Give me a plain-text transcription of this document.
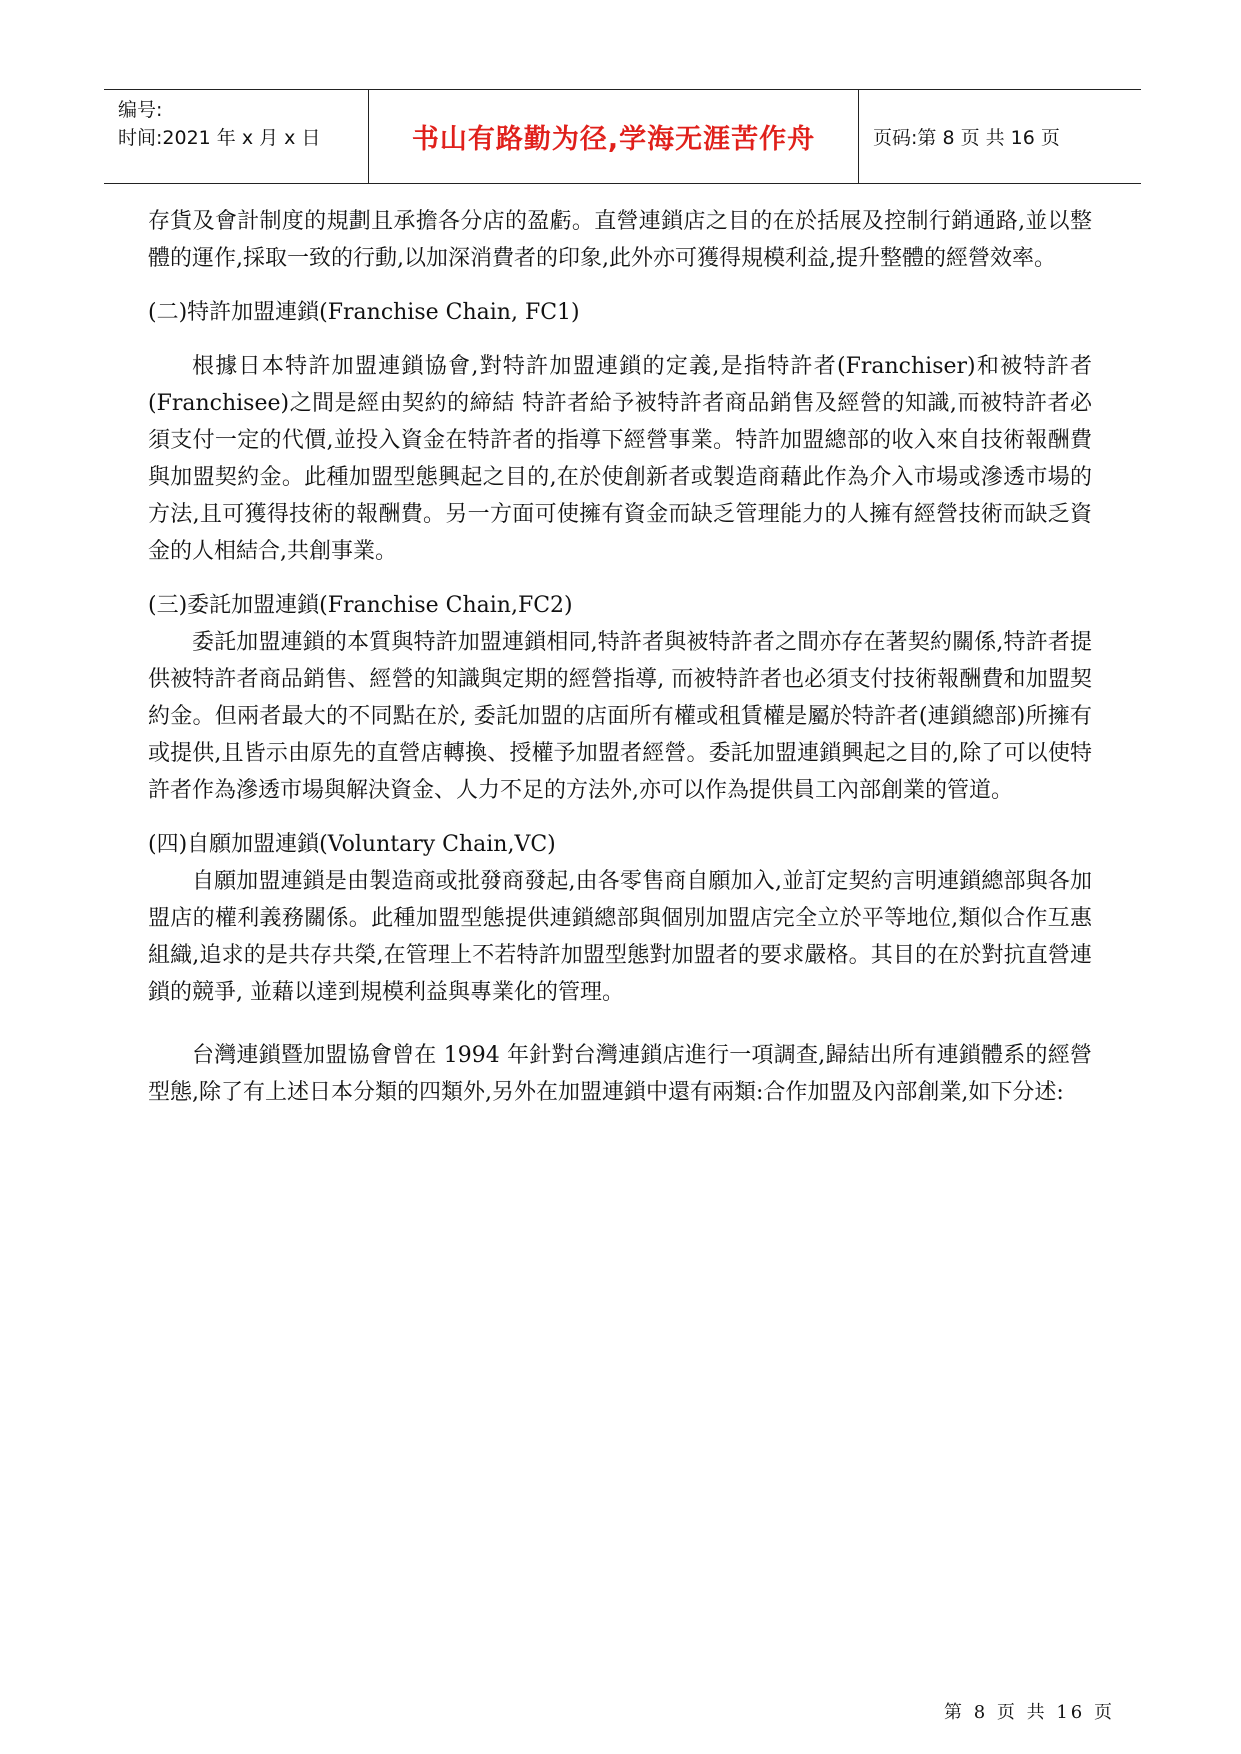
编号:
时间:2021 年 x 月 x 日	书山有路勤为径,学海无涯苦作舟	页码:第 8 页 共 16 页

存貨及會計制度的規劃且承擔各分店的盈虧。直營連鎖店之目的在於括展及控制行銷通路,並以整體的運作,採取一致的行動,以加深消費者的印象,此外亦可獲得規模利益,提升整體的經營效率。

(二)特許加盟連鎖(Franchise Chain, FC1)

根據日本特許加盟連鎖協會,對特許加盟連鎖的定義,是指特許者(Franchiser)和被特許者(Franchisee)之間是經由契約的締結 特許者給予被特許者商品銷售及經營的知識,而被特許者必須支付一定的代價,並投入資金在特許者的指導下經營事業。特許加盟總部的收入來自技術報酬費與加盟契約金。此種加盟型態興起之目的,在於使創新者或製造商藉此作為介入市場或滲透市場的方法,且可獲得技術的報酬費。另一方面可使擁有資金而缺乏管理能力的人擁有經營技術而缺乏資金的人相結合,共創事業。

(三)委託加盟連鎖(Franchise Chain,FC2)

委託加盟連鎖的本質與特許加盟連鎖相同,特許者與被特許者之間亦存在著契約關係,特許者提供被特許者商品銷售、經營的知識與定期的經營指導, 而被特許者也必須支付技術報酬費和加盟契約金。但兩者最大的不同點在於, 委託加盟的店面所有權或租賃權是屬於特許者(連鎖總部)所擁有或提供,且皆示由原先的直營店轉換、授權予加盟者經營。委託加盟連鎖興起之目的,除了可以使特許者作為滲透市場與解決資金、人力不足的方法外,亦可以作為提供員工內部創業的管道。

(四)自願加盟連鎖(Voluntary Chain,VC)

自願加盟連鎖是由製造商或批發商發起,由各零售商自願加入,並訂定契約言明連鎖總部與各加盟店的權利義務關係。此種加盟型態提供連鎖總部與個別加盟店完全立於平等地位,類似合作互惠組織,追求的是共存共榮,在管理上不若特許加盟型態對加盟者的要求嚴格。其目的在於對抗直營連鎖的競爭, 並藉以達到規模利益與專業化的管理。

台灣連鎖暨加盟協會曾在 1994 年針對台灣連鎖店進行一項調查,歸結出所有連鎖體系的經營型態,除了有上述日本分類的四類外,另外在加盟連鎖中還有兩類:合作加盟及內部創業,如下分述:

第 8 页 共 16 页
